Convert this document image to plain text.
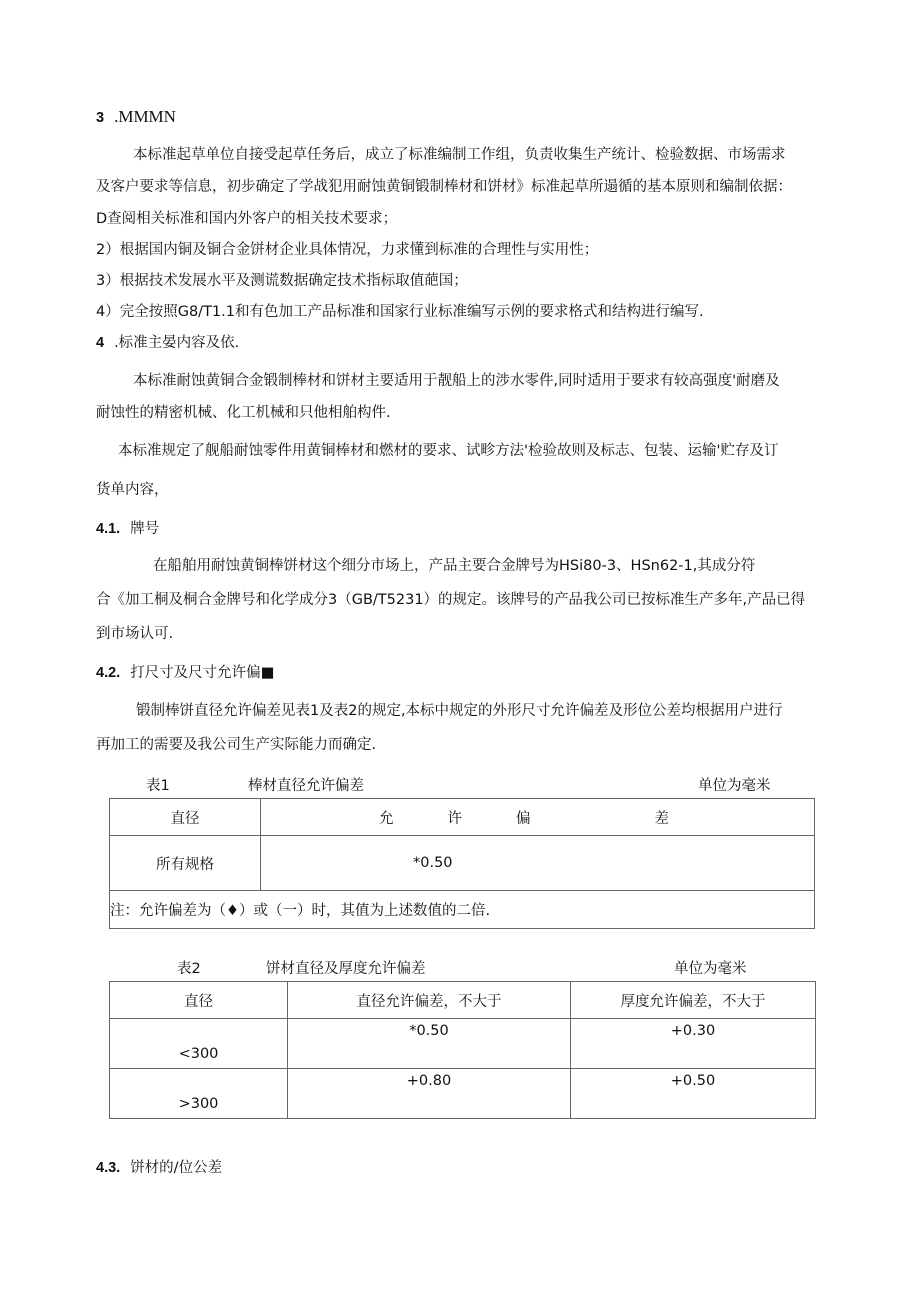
3 .MMMN
本标准起草单位自接受起草任务后，成立了标准编制工作组，负责收集生产统计、检验数据、市场需求
及客户要求等信息，初步确定了学战犯用耐蚀黄铜锻制棒材和饼材》标准起草所遢循的基本原则和编制依据：
D查阅相关标准和国内外客户的相关技术要求；
2）根据国内铜及铜合金饼材企业具体情况，力求懂到标准的合理性与实用性；
3）根据技术发展水平及测谎数据确定技术指标取值葩国；
4）完全按照G8/T1.1和有色加工产品标准和国家行业标准编写示例的要求格式和结构进行编写.
4 .标准主晏内容及依.
本标准耐蚀黄铜合金锻制棒材和饼材主要适用于靓船上的涉水零件,同时适用于要求有较高强度'耐磨及
耐蚀性的精密机械、化工机械和只他相舶构件.
本标准规定了舰船耐蚀零件用黄铜棒材和燃材的要求、试畛方法'检验故则及标志、包装、运输'贮存及订
货单内容，
4.1. 牌号
在船舶用耐蚀黄铜棒饼材这个细分市场上，产品主要合金牌号为HSi80-3、HSn62-1,其成分符
合《加工桐及桐合金牌号和化学成分3（GB/T5231）的规定。该牌号的产品我公司已按标准生产多年,产品已得
到市场认可.
4.2. 打尺寸及尺寸允许偏■
锻制棒饼直径允许偏差见表1及表2的规定,本标中规定的外形尺寸允许偏差及形位公差均根据用户进行
再加工的需要及我公司生产实际能力而确定.
表1	棒材直径允许偏差	单位为毫米
直径	允 许 偏 差
所有规格	*0.50
注：允许偏差为（♦）或（一）时，其值为上述数值的二倍.	
表2	饼材直径及厚度允许偏差	单位为毫米
直径	直径允许偏差，不大于	厚度允许偏差，不大于
<300	*0.50	+0.30
>300	+0.80	+0.50
4.3. 饼材的/位公差
